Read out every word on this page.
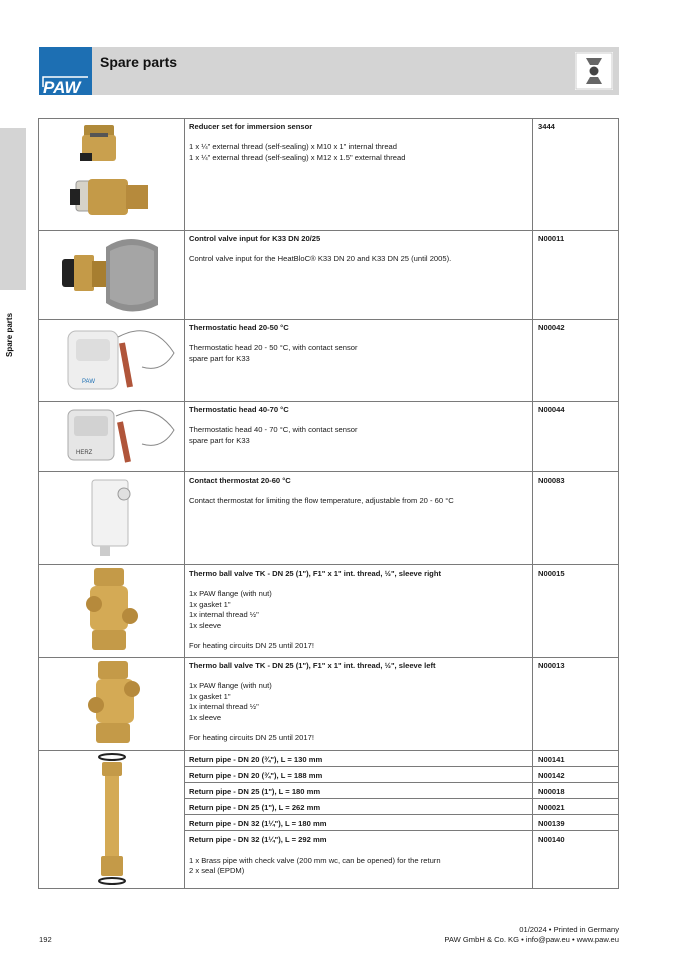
PAW
Spare parts
Spare parts
Reducer set for immersion sensor
1 x ¼" external thread (self-sealing) x M10 x 1" internal thread
1 x ¼" external thread (self-sealing) x M12 x 1.5" external thread
3444
Control valve input for K33 DN 20/25
Control valve input for the HeatBloC® K33 DN 20 and K33 DN 25 (until 2005).
N00011
PAW
Thermostatic head 20-50 °C
Thermostatic head 20 - 50 °C, with contact sensor
spare part for K33
N00042
HERZ
Thermostatic head 40-70 °C
Thermostatic head 40 - 70 °C, with contact sensor
spare part for K33
N00044
Contact thermostat 20-60 °C
Contact thermostat for limiting the flow temperature, adjustable from 20 - 60 °C
N00083
Thermo ball valve TK - DN 25 (1"), F1" x 1" int. thread, ½", sleeve right
1x PAW flange (with nut)
1x gasket 1"
1x internal thread ½"
1x sleeve
For heating circuits DN 25 until 2017!
N00015
Thermo ball valve TK - DN 25 (1"), F1" x 1" int. thread, ½", sleeve left
1x PAW flange (with nut)
1x gasket 1"
1x internal thread ½"
1x sleeve
For heating circuits DN 25 until 2017!
N00013
Return pipe - DN 20 (¾"), L = 130 mm	N00141
Return pipe - DN 20 (¾"), L = 188 mm	N00142
Return pipe - DN 25 (1"), L = 180 mm	N00018
Return pipe - DN 25 (1"), L = 262 mm	N00021
Return pipe - DN 32 (1¼"), L = 180 mm	N00139
Return pipe - DN 32 (1¼"), L = 292 mm	N00140
1 x Brass pipe with check valve (200 mm wc, can be opened) for the return
2 x seal (EPDM)
192
01/2024 • Printed in Germany
PAW GmbH & Co. KG • info@paw.eu • www.paw.eu
